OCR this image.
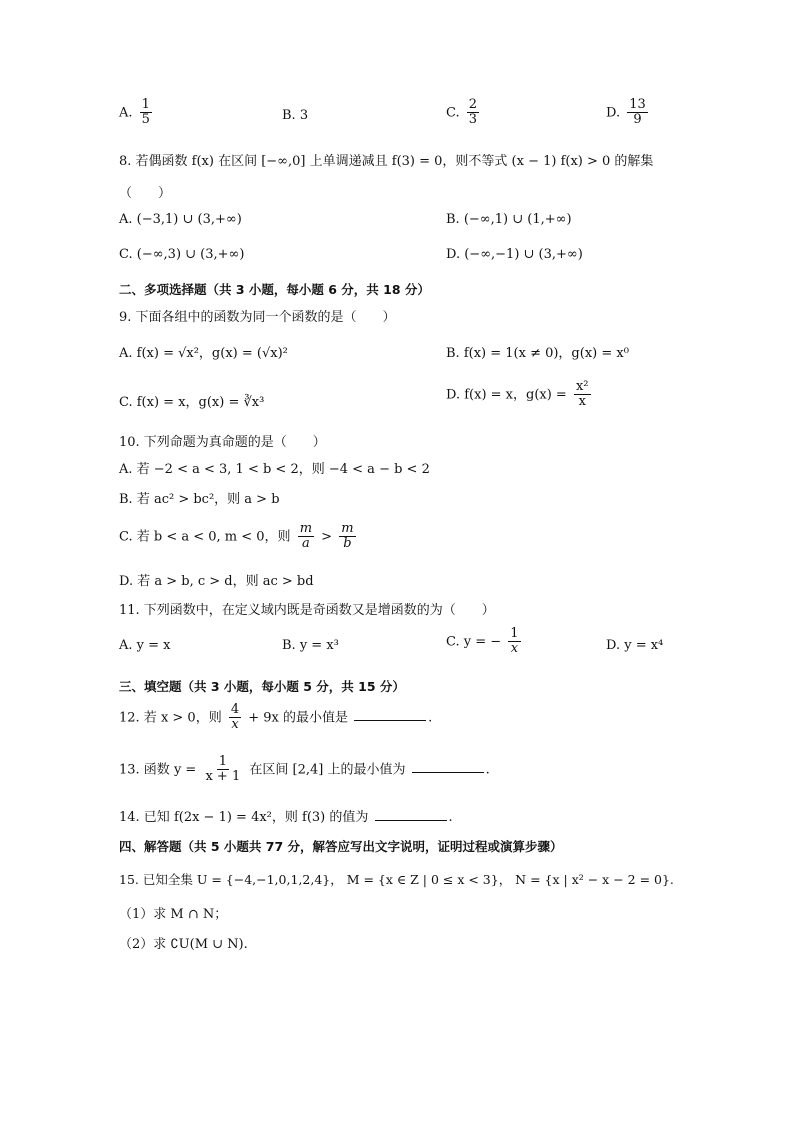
A. $\frac{1}{5}$	B. 3	C. $\frac{2}{3}$	D. $\frac{13}{9}$
8. 若偶函数 f(x) 在区间 [−∞,0] 上单调递减且 f(3) = 0，则不等式 (x − 1) f(x) > 0 的解集
（　　）
A. (−3,1) ∪ (3,+∞)	B. (−∞,1) ∪ (1,+∞)
C. (−∞,3) ∪ (3,+∞)	D. (−∞,−1) ∪ (3,+∞)
二、多项选择题（共 3 小题，每小题 6 分，共 18 分）
9. 下面各组中的函数为同一个函数的是（　　）
A. f(x) = √x²，g(x) = (√x)²	B. f(x) = 1(x ≠ 0)，g(x) = x⁰
C. f(x) = x，g(x) = ∛x³
D. f(x) = x，$g(x) = \frac{\text{x²}}{x}$
10. 下列命题为真命题的是（　　）
A. 若 −2 < a < 3, 1 < b < 2，则 −4 < a − b < 2
B. 若 ac² > bc²，则 a > b
C. 若 b < a < 0, m < 0，则 $\frac{m}{a} > \frac{m}{b}$
D. 若 a > b, c > d，则 ac > bd
11. 下列函数中，在定义域内既是奇函数又是增函数的为（　　）
A. y = x	B. y = x³	C. y = − $\frac{1}{x}$	D. y = x⁴
三、填空题（共 3 小题，每小题 5 分，共 15 分）
12. 若 x > 0，则 $\frac{4}{x} + 9x$ 的最小值是	.
13. 函数 $y = \frac{1}{x + 1}$ 在区间 [2,4] 上的最小值为	.
14. 已知 f(2x − 1) = 4x²，则 f(3) 的值为	.
四、解答题（共 5 小题共 77 分，解答应写出文字说明，证明过程或演算步骤）
15. 已知全集 U = {−4,−1,0,1,2,4}， M = {x ∈ Z | 0 ≤ x < 3}， N = {x | x² − x − 2 = 0}.
（1）求 M ∩ N；
（2）求 ∁U(M ∪ N).
